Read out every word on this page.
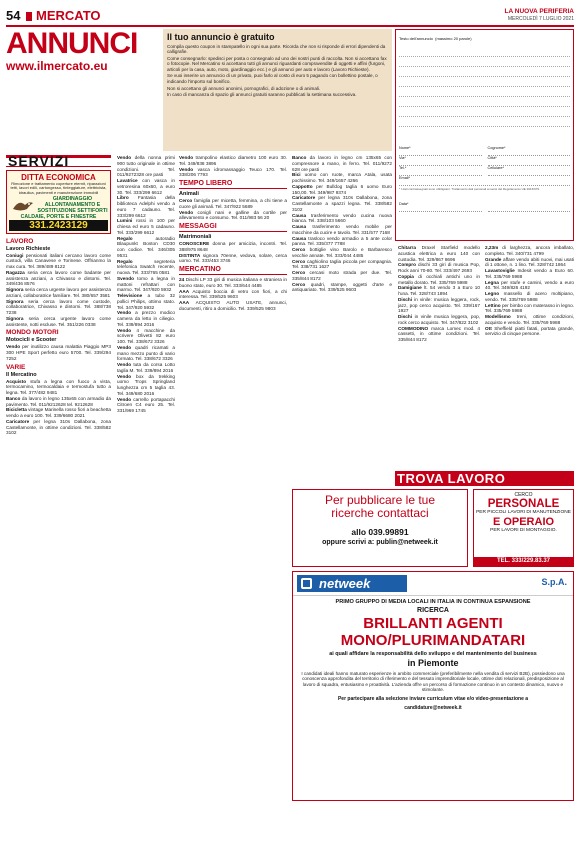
54 MERCATO	LA NUOVA PERIFERIA
MERCOLEDÌ 7 LUGLIO 2021
ANNUNCI
www.ilmercato.eu
Il tuo annuncio è gratuito

Compila questo coupon in stampatello in ogni sua parte. Ricorda che non si risponde di errori dipendenti da calligrafie.

Come consegnarlo: spedisci per posta o consegnalo ad uno dei nostri punti di raccolta. Non si accettano fax o fotocopie. Nel Mercatino si accettano tutti gli annunci riguardanti compravendite di oggetti e affini (furgoni, articoli per la casa, auto, moto, giardinaggio ecc.) e gli annunci per auto e lavoro (Lavoro Richieste).

Se vuoi inserire un annuncio di un privato, puoi farlo al costo di euro 5 pagando con bollettino postale, o indicando l'importo sul bonifico.

Non si accettano gli annunci anonimi, pornografici, di adozione o di animali.

In caso di mancanza di spazio gli annunci gratuiti saranno pubblicati la settimana successiva.

Testo dell'annuncio (massimo 20 parole)
Nome*	Cognome*
Via*	Città*
Tel.*	Cellulare*
Email*
* I dati contrassegnati sono obbligatori. Trattamento dati personali ai sensi del Regolamento UE 2016/679.
Data*
SERVIZI
DITTA ECONOMICA
Rimozione e trattamento coperture eternit, riparazioni tetti, lavori edili, cartongesso, tinteggiature, elettricista, idraulica, pavimenti e manutenzione immobili
GIARDINAGGIO ALLONTANAMENTO E SOSTITUZIONE SETTIFORTI CALDAIE, PORTE E FINESTRE
331.2423129
LAVORO
Lavoro Richieste

Coniugi pensionati italiani cercano lavoro come custodi, villa Canavese e Torinese. Offrianmo la max cura. Tel. 389/489 8122

Ragazza seria cerca lavoro come badante per assistenza anziani, a Chivasso e dintorni. Tel. 349/436 8576

Signora seria cerca urgente lavoro per assistenza anziani, collaboratrice familiare. Tel. 380/657 3581

Signora seria cerca lavoro come custode, collaboratrice, Chivasso e dintorni. Tel. 388/738 7238

Signora seria cerca urgente lavoro come assistente, notti escluse. Tel. 351/226 0338

MONDO MOTORI
Motocicli e Scooter

Vendo per inutilizzo causa malattia Piaggio MP3 300 HPE Sport perfetto euro 5700. Tel. 339/294 7252

VARIE
Il Mercatino

Acquisto stufa a legna con fuoco a vista, termocamino, termocaldaia e termostufa tutto a legna. Tel. 377/482 9481

Banco da lavoro in legno 135x65 con armadio da pavimento. Tel. 011/9212628 tel. 9212628

Bicicletta vintage Marinella rosso fiori a beachetta vendo a euro 100. Tel. 339/6680 2021

Caricatore per legna 310s Dallabona, zona Castellamonte, in ottime condizioni. Tel. 338/582 3102

Vendo della nonna primi 900 tutto originale in ottime condizioni. Tel. 011/9272328 ore pasti

Lavatrice con vasca in vetroresina 60x60, a euro 30. Tel. 333/299 6612

Libro Fantasia della biblioteca Adelphi vendo a euro 7 cadauno. Tel. 333/299 6612

Lumini rossi in 100 per chiesa ed euro 5 cadauno. Tel. 333/299 6612

Regalo autoradio Blaupunkt Boston CD30 con codice. Tel. 346/305 9531

Regalo segreteria telefonica Swatch recente, nuova. Tel. 333/765 0581

Svendo tomo a legna in mattoni refrattari con marmo. Tel. 347/920 5932

Televisione a tubo 32 pollici Philips, ottimo stato. Tel. 347/920 5932

Vendo a prezzo modico camera da letto in ciliegio. Tel. 339/894 2016

Vendo 4 macchine da scrivere Olivetti 82 euro 100. Tel. 338/672 3326

Vendo quadri ricamati a mano mezzo punto di vario formato. Tel. 338/672 3326

Vendo tuta da corsa Lotto taglia M. Tel. 339/894 2016

Vendo box da trekking uomo Trops Springland lunghezza cm 5 taglia 43. Tel. 349/680 2016

Vendo carrello portapacchi Citroen C4 euro 25. Tel. 331/969 1745

Vendo trampolino elastico diametro 100 euro 30. Tel. 349/838 3896

Vendo vasca idromassaggio Teuco 170. Tel. 338/206 7793

TEMPO LIBERO
Animali

Cerco famiglia per micetta, femmina, a chi tiene a cuore gli animali. Tel. 347/922 5689

Vendo conigli nani e galline da cortile per allevamento e consumo. Tel. 011/983 56 20

MESSAGGI
Matrimoniali

CONOSCERE donna per amicizia, incontri. Tel. 388/975 8648

DISTINTA signora 70enne, vedova, solare, cerca uomo. Tel. 333/453 3746

MERCATINO

24 Dischi LP 33 giri di musica italiana e straniera in buono stato, euro 30. Tel. 333/644 4485

AAA Acquisto boccia di vetro con fiori, a chi interessa. Tel. 339/525 9603

AAA ACQUISTO AUTO USATE, annunci, documenti, ritiro a domicilio. Tel. 339/525 9803

Banco da lavoro in legno cm 135x65 con compressore a mano, in ferro. Tel. 011/9272 628 ore pasti

Bici uomo con ruote, marca Atala, usata pochissimo. Tel. 349/1657 4266

Cappotto per Bulldog taglia 6 uomo Euro 150,00. Tel. 349/987 9374

Caricatore per legna 310s Dallabona, zona Castellamonte a spazzi legna. Tel. 338/582 3102

Causa trasferimento vendo cucina nuova bianca. Tel. 338/103 5660

Causa trasferimento vendo mobile per macchine da cucire e tavolo. Tel. 331/577 7168

Causa trasloco vendo armadio a 5 ante color panna. Tel. 335/377 7788

Cerco bottiglie vino Barolo e Barbaresco vecchie annate. Tel. 333/044 4485

Cerco caghiolino taglia piccola per compagnia. Tel. 338/731 1627

Cerco cercasi moto strada per due. Tel. 335/844 8172

Cerco quadri, stampe, oggetti d'arte e antiquariato. Tel. 339/525 9603

Chitarra Draxel Starfield modello acustica elettrica a euro 140 con custodia. Tel. 329/867 8696

Compro dischi 33 giri di musica Pop, Rock anni 70-80. Tel. 333/497 2693

Coppia di occhiali antichi uno in metallo dorato. Tel. 335/769 5988

Damigiane lt. 54 vendo 3 a Euro 10 l'una. Tel. 328/743 1894

Dischi in vinile: musica leggera, rock, jazz, pop cerco acquisto. Tel. 339/167 1927

Dischi in vinile musica leggera, pop, rock cerco acquisto. Tel. 347/822 3102

COMMODINO marca Lomec mod. 4 cassetti, in ottime condizioni. Tel. 335/844 8172

2,23m di larghezza, ancora imballato, completo. Tel. 340/731 4799

Grande affare vendo abiti nuovi, mai usati di 1 ottone, n. 1 lino. Tel. 328/742 1864

Lavastoviglie Indesit vendo a Euro 60. Tel. 335/769 5988

Legna per stufe e camini, vendo a euro 40. Tel. 349/826 4192

Legno massello di acero moltipiano, vendo. Tel. 335/769 5988

Lettino per bimbo con materasso in legno. Tel. 335/769 5988

Modellismo treni, ottime condizioni, acquisto e vendo. Tel. 335/769 5988

Ott Sheffield piatti fatati, portata grande, servizio di cinque persone.

TROVA LAVORO
Per pubblicare le tue
ricerche contattaci
allo 039.99891
oppure scrivi a: publin@netweek.it
CERCO
PERSONALE
PER PICCOLI LAVORI DI MANUTENZIONE
E OPERAIO
PER LAVORI DI MONTAGGIO.
TEL. 333/229.83.37
netweek	S.p.A.
PRIMO GRUPPO DI MEDIA LOCALI IN ITALIA IN CONTINUA ESPANSIONE
RICERCA
BRILLANTI AGENTI
MONO/PLURIMANDATARI
ai quali affidare la responsabilità dello sviluppo e del mantenimento del business
in Piemonte
I candidati ideali hanno maturato esperienze in ambito commerciale (preferibilmente nella vendita di servizi B2B), possiedono una conoscenza approfondita del territorio di riferimento e del tessuto imprenditoriale locale, ottime doti relazionali, predisposizione al lavoro di squadra, entusiasmo e proattività. L'azienda offre un percorso di formazione continuo in un contesto dinamico, nuovo e stimolante.
Per partecipare alla selezione inviare curriculum vitae e/o video-presentazione a
candidature@netweek.it
